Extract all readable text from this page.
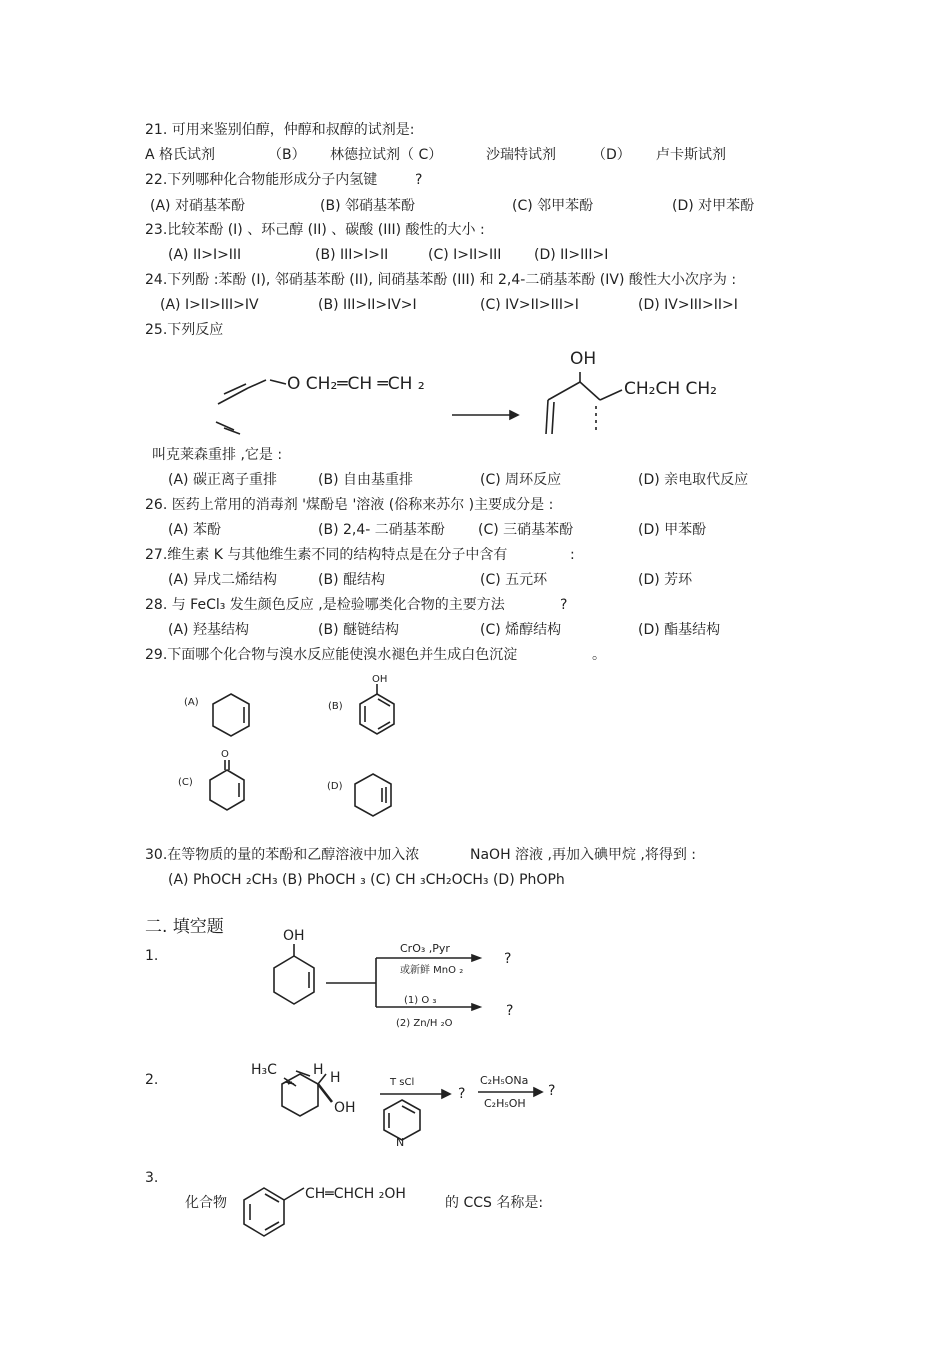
21. 可用来鉴别伯醇，仲醇和叔醇的试剂是:
A 格氏试剂	（B） 林德拉试剂（ C）	沙瑞特试剂	（D） 卢卡斯试剂
22.下列哪种化合物能形成分子内氢键	?
(A) 对硝基苯酚	(B) 邻硝基苯酚	(C) 邻甲苯酚	(D) 对甲苯酚
23.比较苯酚 (I) 、环己醇 (II) 、碳酸 (III) 酸性的大小 :
(A) II>I>III	(B) III>I>II	(C) I>II>III (D) II>III>I
24.下列酚 :苯酚 (I), 邻硝基苯酚 (II), 间硝基苯酚 (III) 和 2,4-二硝基苯酚 (IV) 酸性大小次序为 :
(A) I>II>III>IV	(B) III>II>IV>I	(C) IV>II>III>I	(D) IV>III>II>I
25.下列反应
O CH₂═CH ═CH ₂
OH
CH₂CH CH₂
叫克莱森重排 ,它是 :
(A) 碳正离子重排	(B) 自由基重排	(C) 周环反应	(D) 亲电取代反应
26. 医药上常用的消毒剂 '煤酚皂 '溶液 (俗称来苏尔 )主要成分是 :
(A) 苯酚	(B) 2,4- 二硝基苯酚 (C) 三硝基苯酚	(D) 甲苯酚
27.维生素 K 与其他维生素不同的结构特点是在分子中含有	:
(A) 异戊二烯结构	(B) 醌结构	(C) 五元环	(D) 芳环
28. 与 FeCl₃ 发生颜色反应 ,是检验哪类化合物的主要方法	?
(A) 羟基结构	(B) 醚链结构	(C) 烯醇结构	(D) 酯基结构
29.下面哪个化合物与溴水反应能使溴水褪色并生成白色沉淀	。
(A)	(B)
OH
(C)
O
(D)
30.在等物质的量的苯酚和乙醇溶液中加入浓	NaOH 溶液 ,再加入碘甲烷 ,将得到 :
(A) PhOCH ₂CH₃ (B) PhOCH ₃ (C) CH ₃CH₂OCH₃ (D) PhOPh
二. 填空题
1.
OH
CrO₃ ,Pyr
或新鲜 MnO ₂
?
(1) O ₃
(2) Zn/H ₂O
?
2.
H₃C	H H
OH
T sCl
N
?
C₂H₅ONa
C₂H₅OH
?
3.
化合物
CH═CHCH ₂OH
的 CCS 名称是:
